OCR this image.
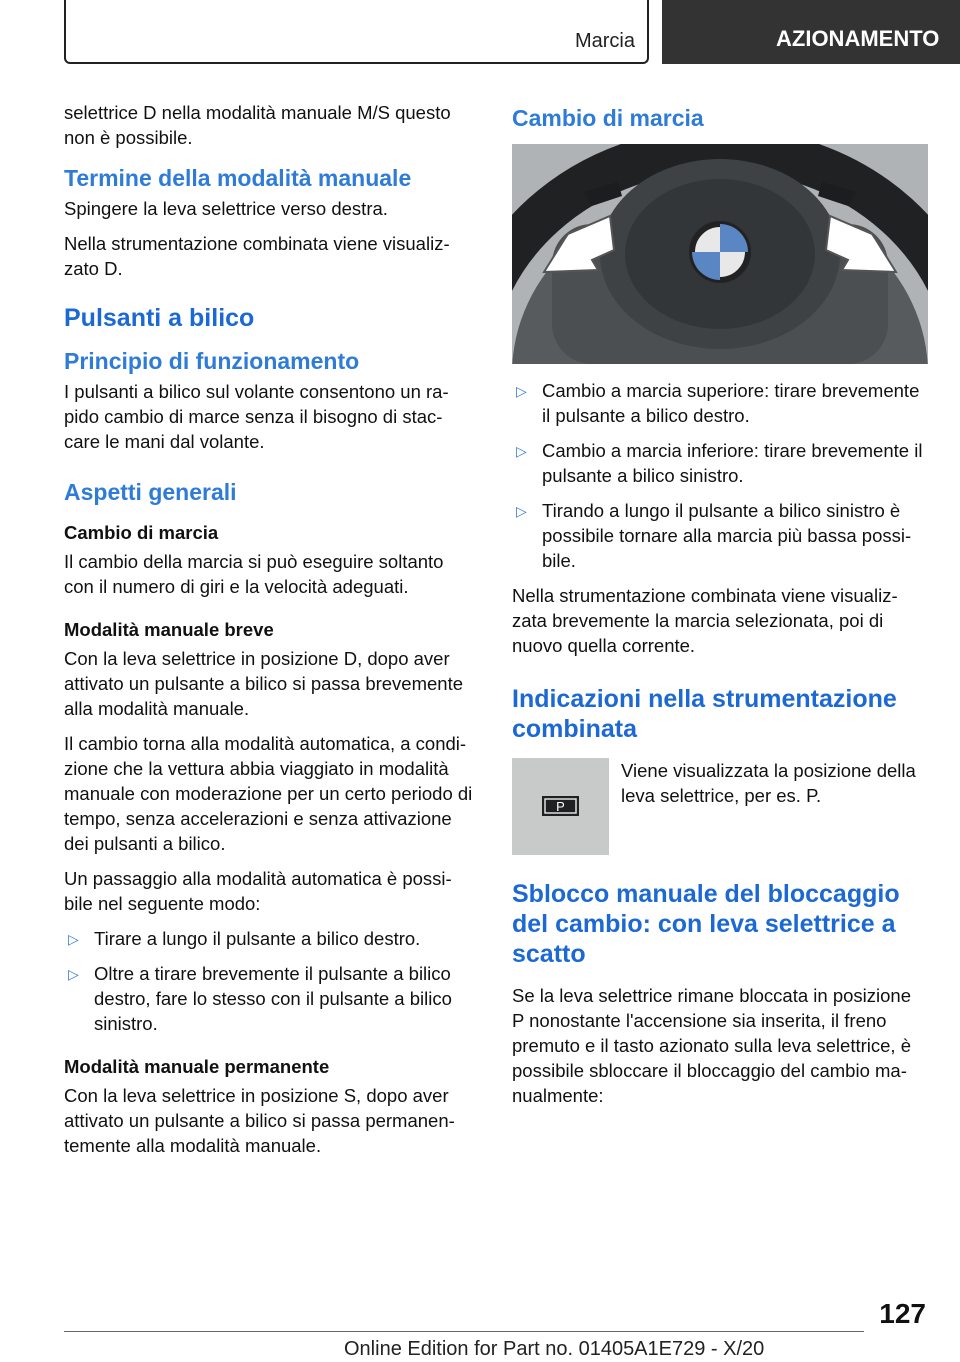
Marcia	AZIONAMENTO

selettrice D nella modalità manuale M/S questo non è possibile.

Termine della modalità manuale

Spingere la leva selettrice verso destra.

Nella strumentazione combinata viene visualiz-zato D.

Pulsanti a bilico
Principio di funzionamento

I pulsanti a bilico sul volante consentono un ra-pido cambio di marce senza il bisogno di stac-care le mani dal volante.

Aspetti generali
Cambio di marcia

Il cambio della marcia si può eseguire soltanto con il numero di giri e la velocità adeguati.

Modalità manuale breve

Con la leva selettrice in posizione D, dopo aver attivato un pulsante a bilico si passa brevemente alla modalità manuale.

Il cambio torna alla modalità automatica, a condi-zione che la vettura abbia viaggiato in modalità manuale con moderazione per un certo periodo di tempo, senza accelerazioni e senza attivazione dei pulsanti a bilico.

Un passaggio alla modalità automatica è possi-bile nel seguente modo:

▷ Tirare a lungo il pulsante a bilico destro.
▷ Oltre a tirare brevemente il pulsante a bilico destro, fare lo stesso con il pulsante a bilico sinistro.
Modalità manuale permanente

Con la leva selettrice in posizione S, dopo aver attivato un pulsante a bilico si passa permanen-temente alla modalità manuale.

Cambio di marcia
▷ Cambio a marcia superiore: tirare brevemente il pulsante a bilico destro.
▷ Cambio a marcia inferiore: tirare brevemente il pulsante a bilico sinistro.
▷ Tirando a lungo il pulsante a bilico sinistro è possibile tornare alla marcia più bassa possi-bile.

Nella strumentazione combinata viene visualiz-zata brevemente la marcia selezionata, poi di nuovo quella corrente.

Indicazioni nella strumentazione combinata
P

Viene visualizzata la posizione della leva selettrice, per es. P.

Sblocco manuale del bloccaggio del cambio: con leva selettrice a scatto

Se la leva selettrice rimane bloccata in posizione P nonostante l'accensione sia inserita, il freno premuto e il tasto azionato sulla leva selettrice, è possibile sbloccare il bloccaggio del cambio ma-nualmente:

127
Online Edition for Part no. 01405A1E729 - X/20
